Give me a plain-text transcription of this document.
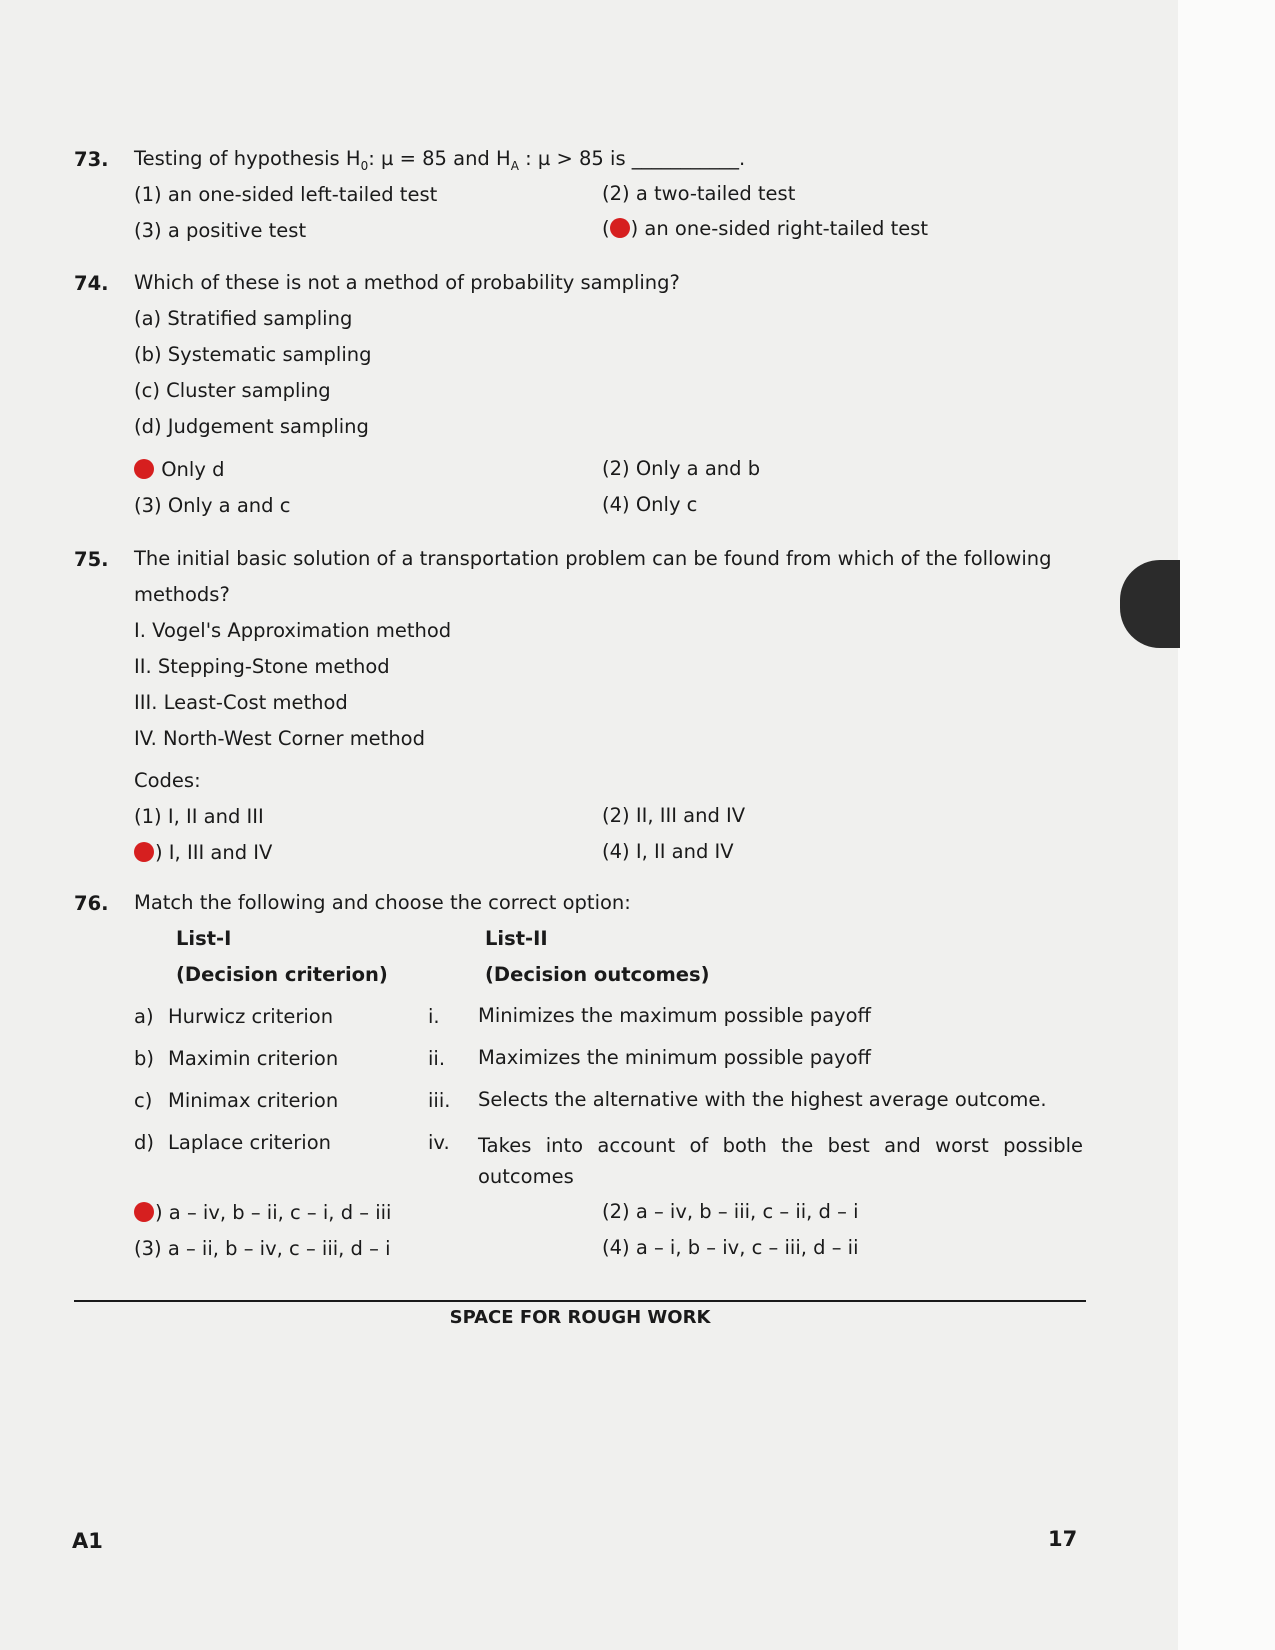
73. Testing of hypothesis $H_0$: µ = 85 and $H_A$ : µ > 85 is ___________.
(1) an one-sided left-tailed test	(2) a two-tailed test
(3) a positive test	( ) an one-sided right-tailed test
74. Which of these is not a method of probability sampling?
(a) Stratified sampling
(b) Systematic sampling
(c) Cluster sampling
(d) Judgement sampling
Only d	(2) Only a and b
(3) Only a and c	(4) Only c
75. The initial basic solution of a transportation problem can be found from which of the following
methods?
I. Vogel's Approximation method
II. Stepping-Stone method
III. Least-Cost method
IV. North-West Corner method
Codes:
(1) I, II and III	(2) II, III and IV
) I, III and IV	(4) I, II and IV
76. Match the following and choose the correct option:
List-I	List-II
(Decision criterion)	(Decision outcomes)
a) Hurwicz criterion	i. Minimizes the maximum possible payoff
b) Maximin criterion	ii. Maximizes the minimum possible payoff
c) Minimax criterion	iii. Selects the alternative with the highest average outcome.
d) Laplace criterion	iv. Takes into account of both the best and worst possible outcomes
) a – iv, b – ii, c – i, d – iii	(2) a – iv, b – iii, c – ii, d – i
(3) a – ii, b – iv, c – iii, d – i	(4) a – i, b – iv, c – iii, d – ii
SPACE FOR ROUGH WORK
A1	17
